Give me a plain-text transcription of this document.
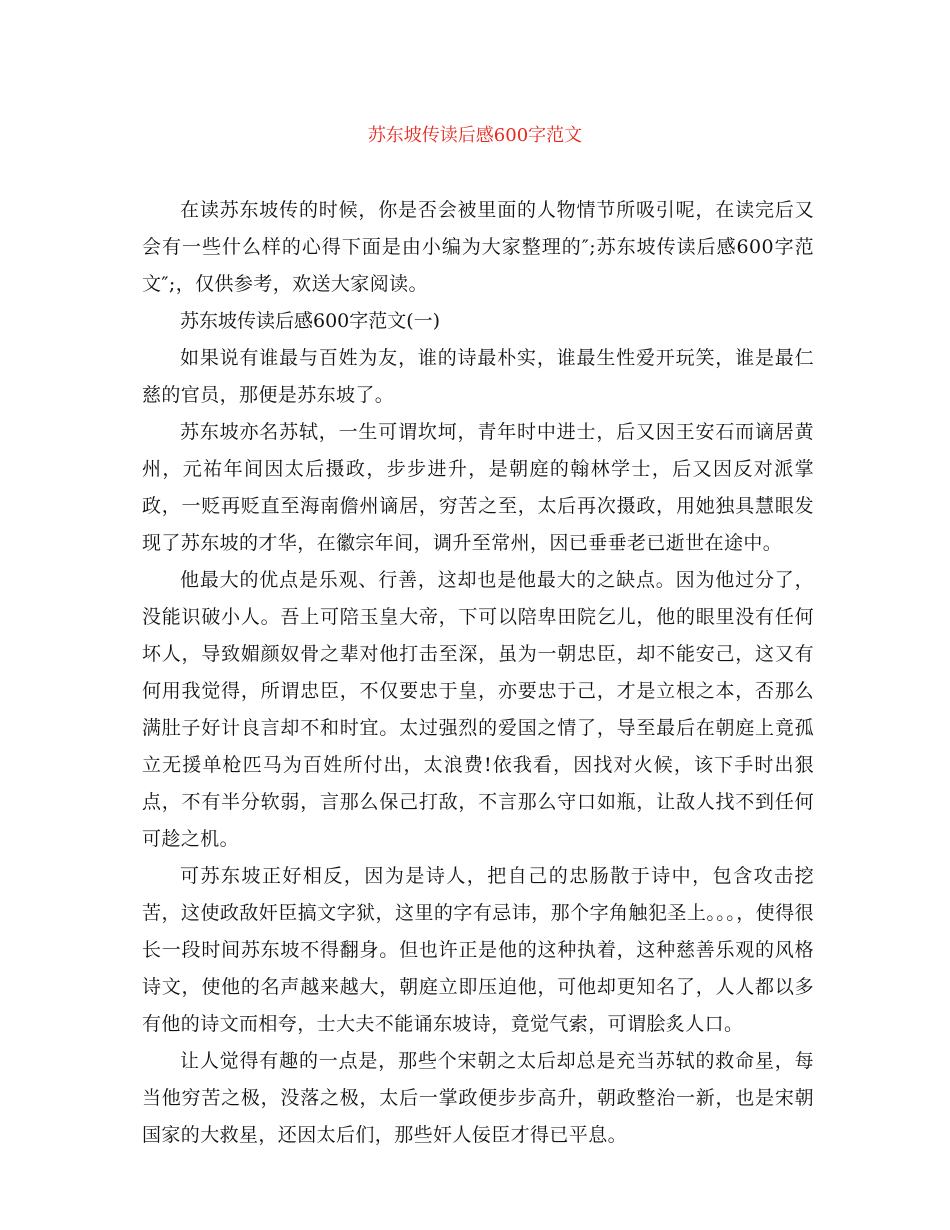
苏东坡传读后感600字范文

在读苏东坡传的时候，你是否会被里面的人物情节所吸引呢，在读完后又会有一些什么样的心得下面是由小编为大家整理的″;苏东坡传读后感600字范文″;，仅供参考，欢送大家阅读。

苏东坡传读后感600字范文(一)

如果说有谁最与百姓为友，谁的诗最朴实，谁最生性爱开玩笑，谁是最仁慈的官员，那便是苏东坡了。

苏东坡亦名苏轼，一生可谓坎坷，青年时中进士，后又因王安石而谪居黄州，元祐年间因太后摄政，步步进升，是朝庭的翰林学士，后又因反对派掌政，一贬再贬直至海南儋州谪居，穷苦之至，太后再次摄政，用她独具慧眼发现了苏东坡的才华，在徽宗年间，调升至常州，因已垂垂老已逝世在途中。

他最大的优点是乐观、行善，这却也是他最大的之缺点。因为他过分了，没能识破小人。吾上可陪玉皇大帝，下可以陪卑田院乞儿，他的眼里没有任何坏人，导致媚颜奴骨之辈对他打击至深，虽为一朝忠臣，却不能安己，这又有何用我觉得，所谓忠臣，不仅要忠于皇，亦要忠于己，才是立根之本，否那么满肚子好计良言却不和时宜。太过强烈的爱国之情了，导至最后在朝庭上竟孤立无援单枪匹马为百姓所付出，太浪费!依我看，因找对火候，该下手时出狠点，不有半分软弱，言那么保己打敌，不言那么守口如瓶，让敌人找不到任何可趁之机。

可苏东坡正好相反，因为是诗人，把自己的忠肠散于诗中，包含攻击挖苦，这使政敌奸臣搞文字狱，这里的字有忌讳，那个字角触犯圣上。。。，使得很长一段时间苏东坡不得翻身。但也许正是他的这种执着，这种慈善乐观的风格诗文，使他的名声越来越大，朝庭立即压迫他，可他却更知名了，人人都以多有他的诗文而相夸，士大夫不能诵东坡诗，竟觉气索，可谓脍炙人口。

让人觉得有趣的一点是，那些个宋朝之太后却总是充当苏轼的救命星，每当他穷苦之极，没落之极，太后一掌政便步步高升，朝政整治一新，也是宋朝国家的大救星，还因太后们，那些奸人佞臣才得已平息。
